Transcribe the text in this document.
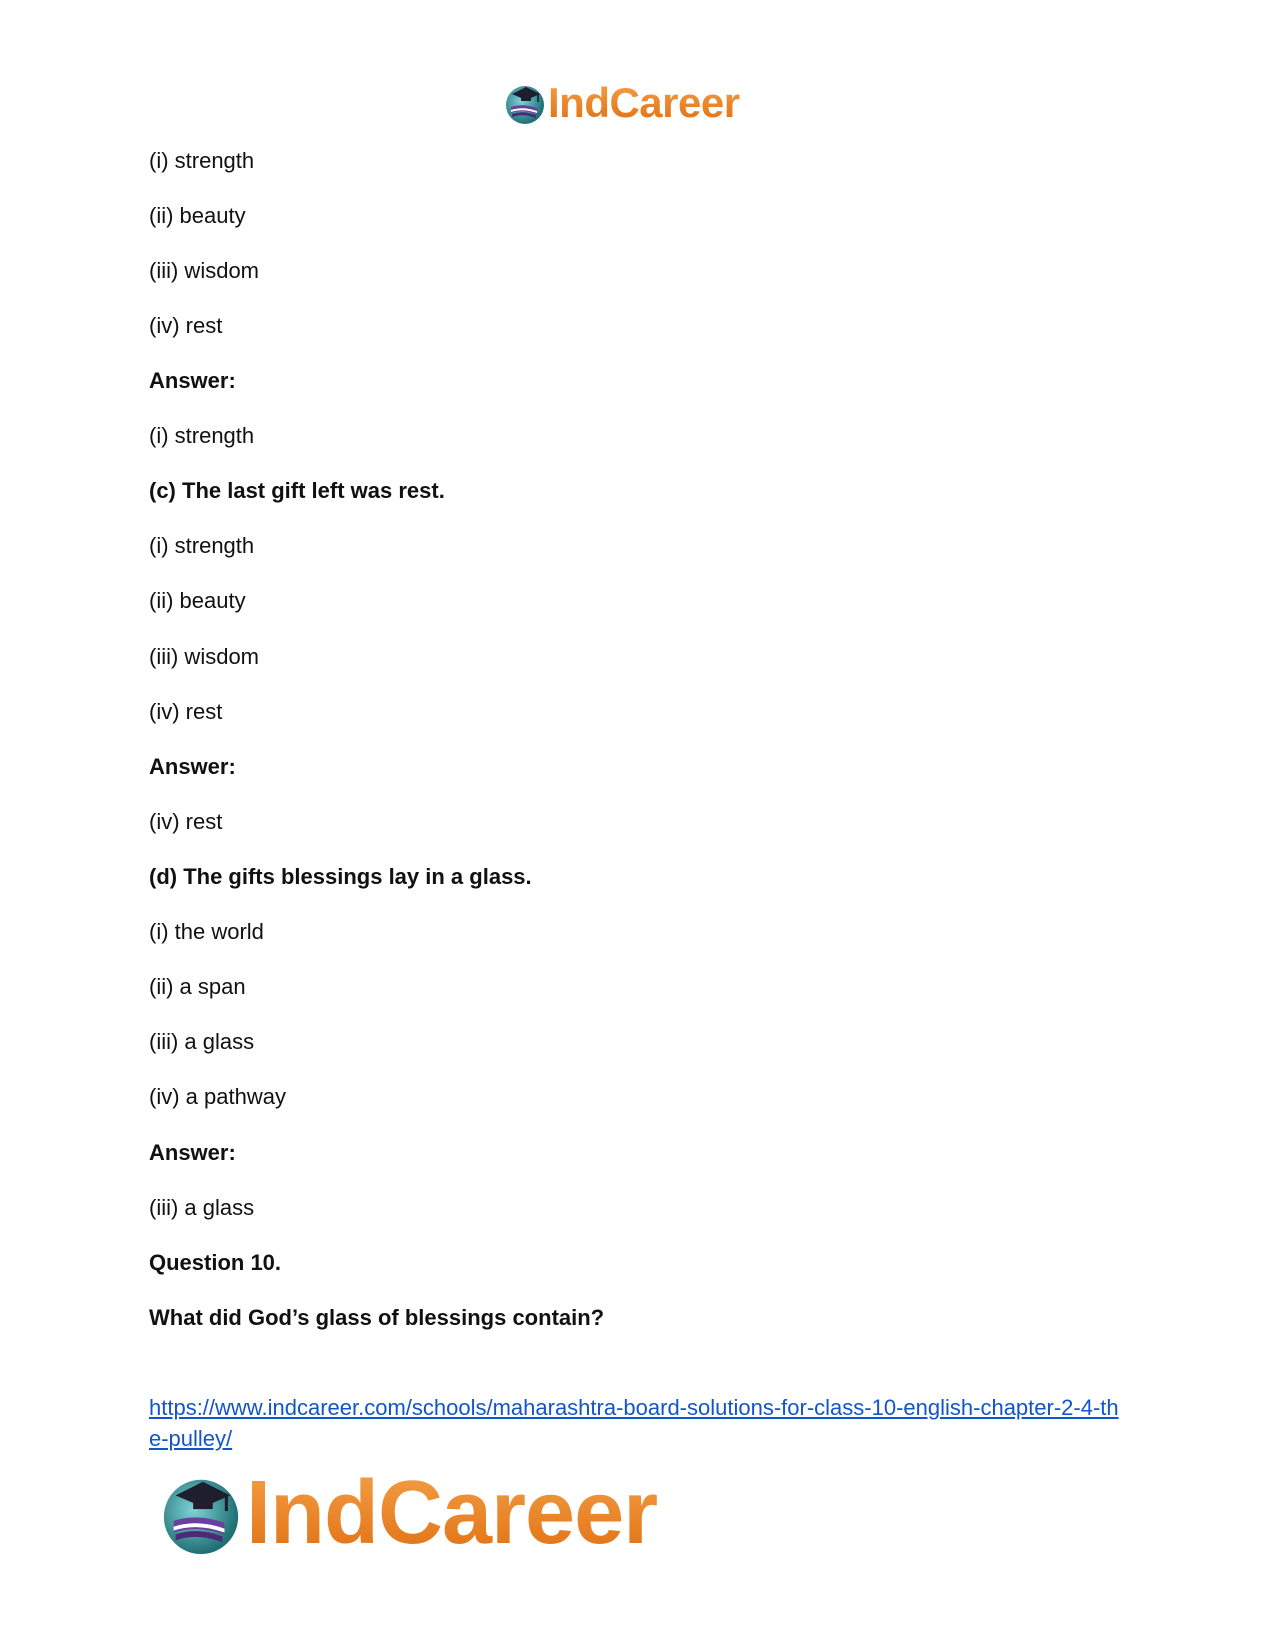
IndCareer
(i) strength
(ii) beauty
(iii) wisdom
(iv) rest
Answer:
(i) strength
(c) The last gift left was rest.
(i) strength
(ii) beauty
(iii) wisdom
(iv) rest
Answer:
(iv) rest
(d) The gifts blessings lay in a glass.
(i) the world
(ii) a span
(iii) a glass
(iv) a pathway
Answer:
(iii) a glass
Question 10.
What did God’s glass of blessings contain?
https://www.indcareer.com/schools/maharashtra-board-solutions-for-class-10-english-chapter-2-4-the-pulley/
IndCareer
